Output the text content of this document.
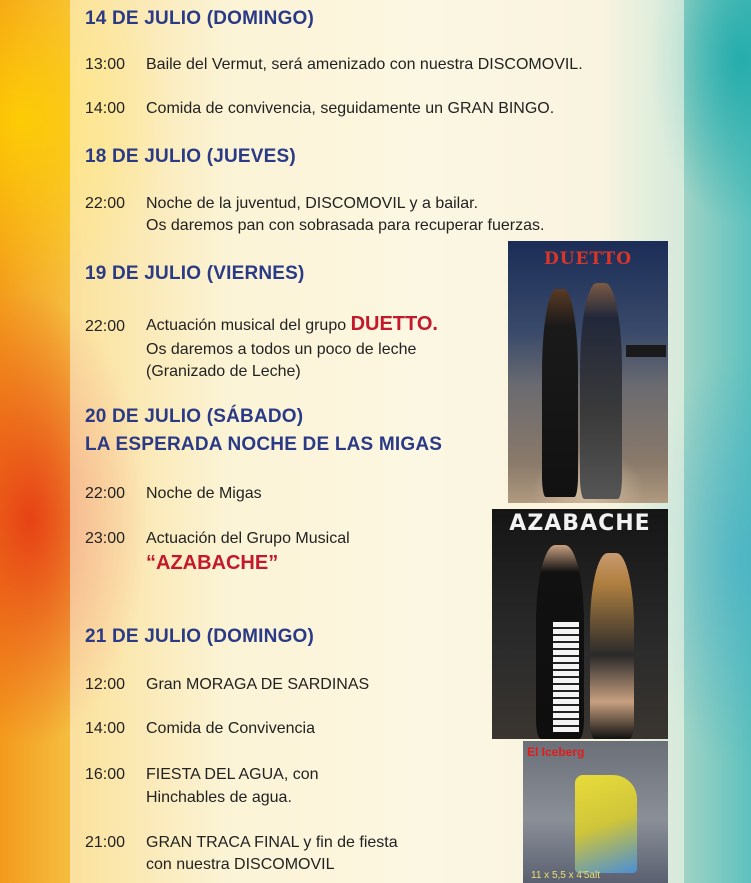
14 DE JULIO (DOMINGO)
13:00 Baile del Vermut, será amenizado con nuestra DISCOMOVIL.
14:00 Comida de convivencia, seguidamente un GRAN BINGO.
18 DE JULIO (JUEVES)
22:00 Noche de la juventud, DISCOMOVIL y a bailar.
Os daremos pan con sobrasada para recuperar fuerzas.
19 DE JULIO (VIERNES)
22:00 Actuación musical del grupo DUETTO.
Os daremos a todos un poco de leche
(Granizado de Leche)
20 DE JULIO (SÁBADO)
LA ESPERADA NOCHE DE LAS MIGAS
22:00 Noche de Migas
23:00 Actuación del Grupo Musical
“AZABACHE”
21 DE JULIO (DOMINGO)
12:00 Gran MORAGA DE SARDINAS
14:00 Comida de Convivencia
16:00 FIESTA DEL AGUA, con
Hinchables de agua.
21:00 GRAN TRACA FINAL y fin de fiesta
con nuestra DISCOMOVIL
DUETTO
AZABACHE
El Iceberg
11 x 5,5 x 4'5alt
